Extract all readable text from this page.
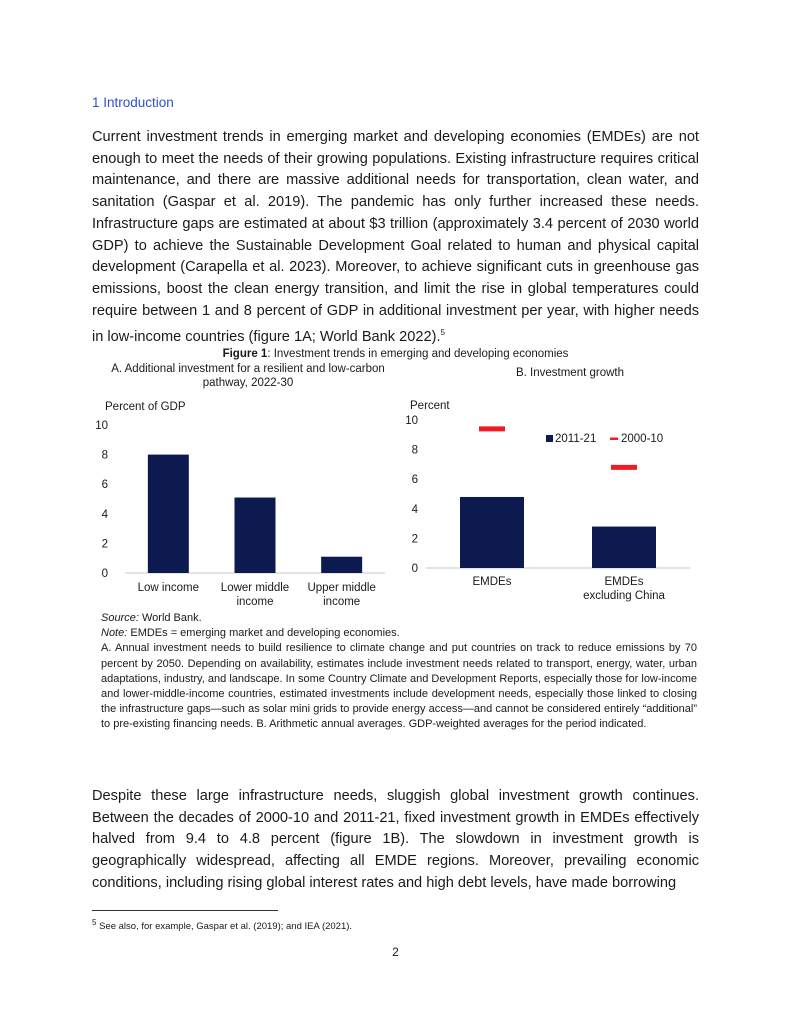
1 Introduction
Current investment trends in emerging market and developing economies (EMDEs) are not enough to meet the needs of their growing populations. Existing infrastructure requires critical maintenance, and there are massive additional needs for transportation, clean water, and sanitation (Gaspar et al. 2019). The pandemic has only further increased these needs. Infrastructure gaps are estimated at about $3 trillion (approximately 3.4 percent of 2030 world GDP) to achieve the Sustainable Development Goal related to human and physical capital development (Carapella et al. 2023). Moreover, to achieve significant cuts in greenhouse gas emissions, boost the clean energy transition, and limit the rise in global temperatures could require between 1 and 8 percent of GDP in additional investment per year, with higher needs in low-income countries (figure 1A; World Bank 2022).$^5$
Figure 1: Investment trends in emerging and developing economies
A. Additional investment for a resilient and low-carbon pathway, 2022-30
Percent of GDP
0
2
4
6
8
10
Low income Lower middle income
Upper middle income
B. Investment growth
Percent
0
2
4
6
8
10
EMDEs	EMDEs excluding China
2011-21 2000-10
Source: World Bank.
Note: EMDEs = emerging market and developing economies.
A. Annual investment needs to build resilience to climate change and put countries on track to reduce emissions by 70 percent by 2050. Depending on availability, estimates include investment needs related to transport, energy, water, urban adaptations, industry, and landscape. In some Country Climate and Development Reports, especially those for low-income and lower-middle-income countries, estimated investments include development needs, especially those linked to closing the infrastructure gaps—such as solar mini grids to provide energy access—and cannot be considered entirely “additional” to pre-existing financing needs. B. Arithmetic annual averages. GDP-weighted averages for the period indicated.
Despite these large infrastructure needs, sluggish global investment growth continues. Between the decades of 2000-10 and 2011-21, fixed investment growth in EMDEs effectively halved from 9.4 to 4.8 percent (figure 1B). The slowdown in investment growth is geographically widespread, affecting all EMDE regions. Moreover, prevailing economic conditions, including rising global interest rates and high debt levels, have made borrowing
$^5$ See also, for example, Gaspar et al. (2019); and IEA (2021).
2
